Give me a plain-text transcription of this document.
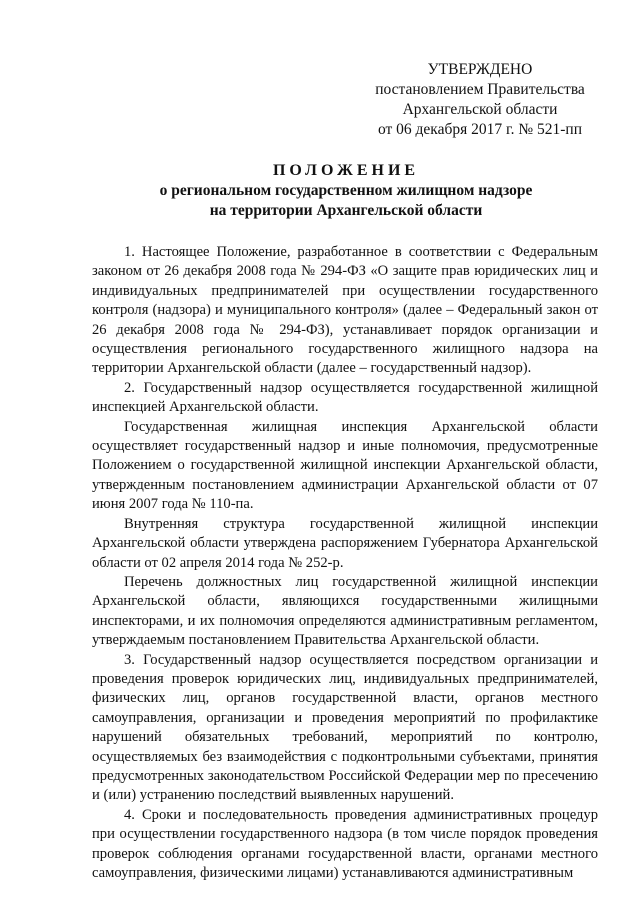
УТВЕРЖДЕНО
постановлением Правительства
Архангельской области
от 06 декабря 2017 г. № 521-пп
ПОЛОЖЕНИЕ
о региональном государственном жилищном надзоре
на территории Архангельской области

1. Настоящее Положение, разработанное в соответствии с Федеральным законом от 26 декабря 2008 года № 294-ФЗ «О защите прав юридических лиц и индивидуальных предпринимателей при осуществлении государственного контроля (надзора) и муниципального контроля» (далее – Федеральный закон от 26 декабря 2008 года № 294-ФЗ), устанавливает порядок организации и осуществления регионального государственного жилищного надзора на территории Архангельской области (далее – государственный надзор).

2. Государственный надзор осуществляется государственной жилищной инспекцией Архангельской области.

Государственная жилищная инспекция Архангельской области осуществляет государственный надзор и иные полномочия, предусмотренные Положением о государственной жилищной инспекции Архангельской области, утвержденным постановлением администрации Архангельской области от 07 июня 2007 года № 110-па.

Внутренняя структура государственной жилищной инспекции Архангельской области утверждена распоряжением Губернатора Архангельской области от 02 апреля 2014 года № 252-р.

Перечень должностных лиц государственной жилищной инспекции Архангельской области, являющихся государственными жилищными инспекторами, и их полномочия определяются административным регламентом, утверждаемым постановлением Правительства Архангельской области.

3. Государственный надзор осуществляется посредством организации и проведения проверок юридических лиц, индивидуальных предпринимателей, физических лиц, органов государственной власти, органов местного самоуправления, организации и проведения мероприятий по профилактике нарушений обязательных требований, мероприятий по контролю, осуществляемых без взаимодействия с подконтрольными субъектами, принятия предусмотренных законодательством Российской Федерации мер по пресечению и (или) устранению последствий выявленных нарушений.

4. Сроки и последовательность проведения административных процедур при осуществлении государственного надзора (в том числе порядок проведения проверок соблюдения органами государственной власти, органами местного самоуправления, физическими лицами) устанавливаются административным
